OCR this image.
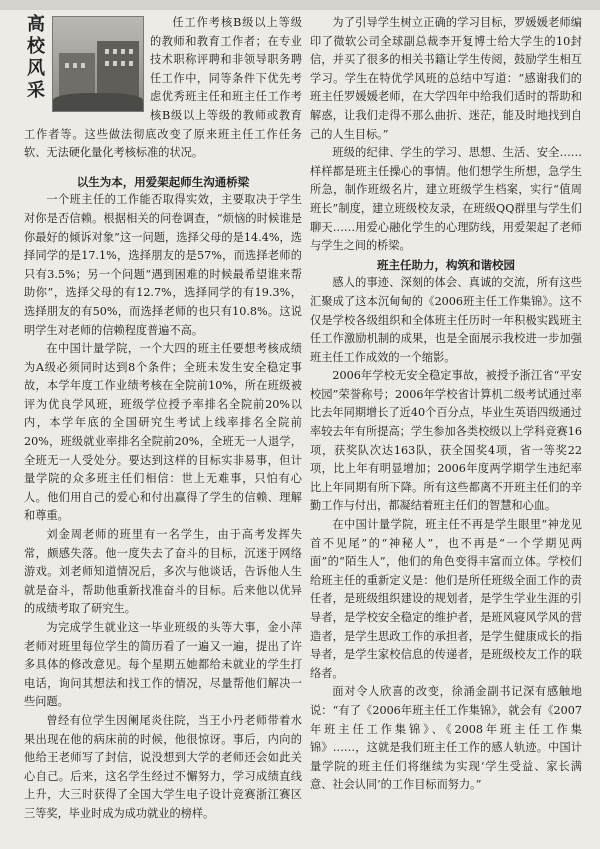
高
校
风
采

任工作考核B级以上等级的教师和教育工作者；在专业技术职称评聘和非领导职务聘任工作中，同等条件下优先考虑优秀班主任和班主任工作考核B级以上等级的教师或教育工作者等。这些做法彻底改变了原来班主任工作任务软、无法硬化量化考核标准的状况。

以生为本，用爱架起师生沟通桥梁

一个班主任的工作能否取得实效，主要取决于学生对你是否信赖。根据相关的问卷调查，“烦恼的时候谁是你最好的倾诉对象”这一问题，选择父母的是14.4%，选择同学的是17.1%，选择朋友的是57%，而选择老师的只有3.5%；另一个问题“遇到困难的时候最希望谁来帮助你”，选择父母的有12.7%，选择同学的有19.3%，选择朋友的有50%，而选择老师的也只有10.8%。这说明学生对老师的信赖程度普遍不高。

在中国计量学院，一个大四的班主任要想考核成绩为A级必须同时达到8个条件；全班未发生安全稳定事故，本学年度工作业绩考核在全院前10%，所在班级被评为优良学风班，班级学位授予率排名全院前20%以内，本学年底的全国研究生考试上线率排名全院前20%，班级就业率排名全院前20%，全班无一人退学，全班无一人受处分。要达到这样的目标实非易事，但计量学院的众多班主任们相信：世上无难事，只怕有心人。他们用自己的爱心和付出赢得了学生的信赖、理解和尊重。

刘金周老师的班里有一名学生，由于高考发挥失常，颇感失落。他一度失去了奋斗的目标，沉迷于网络游戏。刘老师知道情况后，多次与他谈话，告诉他人生就是奋斗，帮助他重新找准奋斗的目标。后来他以优异的成绩考取了研究生。

为完成学生就业这一毕业班级的头等大事，金小萍老师对班里每位学生的简历看了一遍又一遍，提出了许多具体的修改意见。每个星期五她都给未就业的学生打电话，询问其想法和找工作的情况，尽量帮他们解决一些问题。

曾经有位学生因阑尾炎住院，当王小丹老师带着水果出现在他的病床前的时候，他很惊讶。事后，内向的他给王老师写了封信，说没想到大学的老师还会如此关心自己。后来，这名学生经过不懈努力，学习成绩直线上升，大三时获得了全国大学生电子设计竞赛浙江赛区三等奖，毕业时成为成功就业的榜样。

为了引导学生树立正确的学习目标，罗媛媛老师编印了微软公司全球副总裁李开复博士给大学生的10封信，并买了很多的相关书籍让学生传阅，鼓励学生相互学习。学生在特优学风班的总结中写道：“感谢我们的班主任罗媛媛老师，在大学四年中给我们适时的帮助和解惑，让我们走得不那么曲折、迷茫，能及时地找到自己的人生目标。”

班级的纪律、学生的学习、思想、生活、安全……样样都是班主任操心的事情。他们想学生所想，急学生所急，制作班级名片，建立班级学生档案，实行“值周班长”制度，建立班级校友录，在班级QQ群里与学生们聊天……用爱心融化学生的心理防线，用爱架起了老师与学生之间的桥梁。

班主任助力，构筑和谐校园

感人的事迹、深刻的体会、真诚的交流，所有这些汇聚成了这本沉甸甸的《2006班主任工作集锦》。这不仅是学校各级组织和全体班主任历时一年积极实践班主任工作激励机制的成果，也是全面展示我校进一步加强班主任工作成效的一个缩影。

2006年学校无安全稳定事故，被授予浙江省“平安校园”荣誉称号；2006年学校省计算机二级考试通过率比去年同期增长了近40个百分点，毕业生英语四级通过率较去年有所提高；学生参加各类校级以上学科竞赛16项，获奖队次达163队，获全国奖4项，省一等奖22项，比上年有明显增加；2006年度两学期学生违纪率比上年同期有所下降。所有这些都离不开班主任们的辛勤工作与付出，都凝结着班主任们的智慧和心血。

在中国计量学院，班主任不再是学生眼里“神龙见首不见尾”的“神秘人”，也不再是“一个学期见两面”的“陌生人”，他们的角色变得丰富而立体。学校们给班主任的重新定义是：他们是所任班级全面工作的责任者，是班级组织建设的规划者，是学生学业生涯的引导者，是学校安全稳定的维护者，是班风寝风学风的营造者，是学生思政工作的承担者，是学生健康成长的指导者，是学生家校信息的传递者，是班级校友工作的联络者。

面对令人欣喜的改变，徐涌金副书记深有感触地说：“有了《2006年班主任工作集锦》，就会有《2007年班主任工作集锦》、《2008年班主任工作集锦》……，这就是我们班主任工作的感人轨迹。中国计量学院的班主任们将继续为实现‘学生受益、家长满意、社会认同’的工作目标而努力。”
